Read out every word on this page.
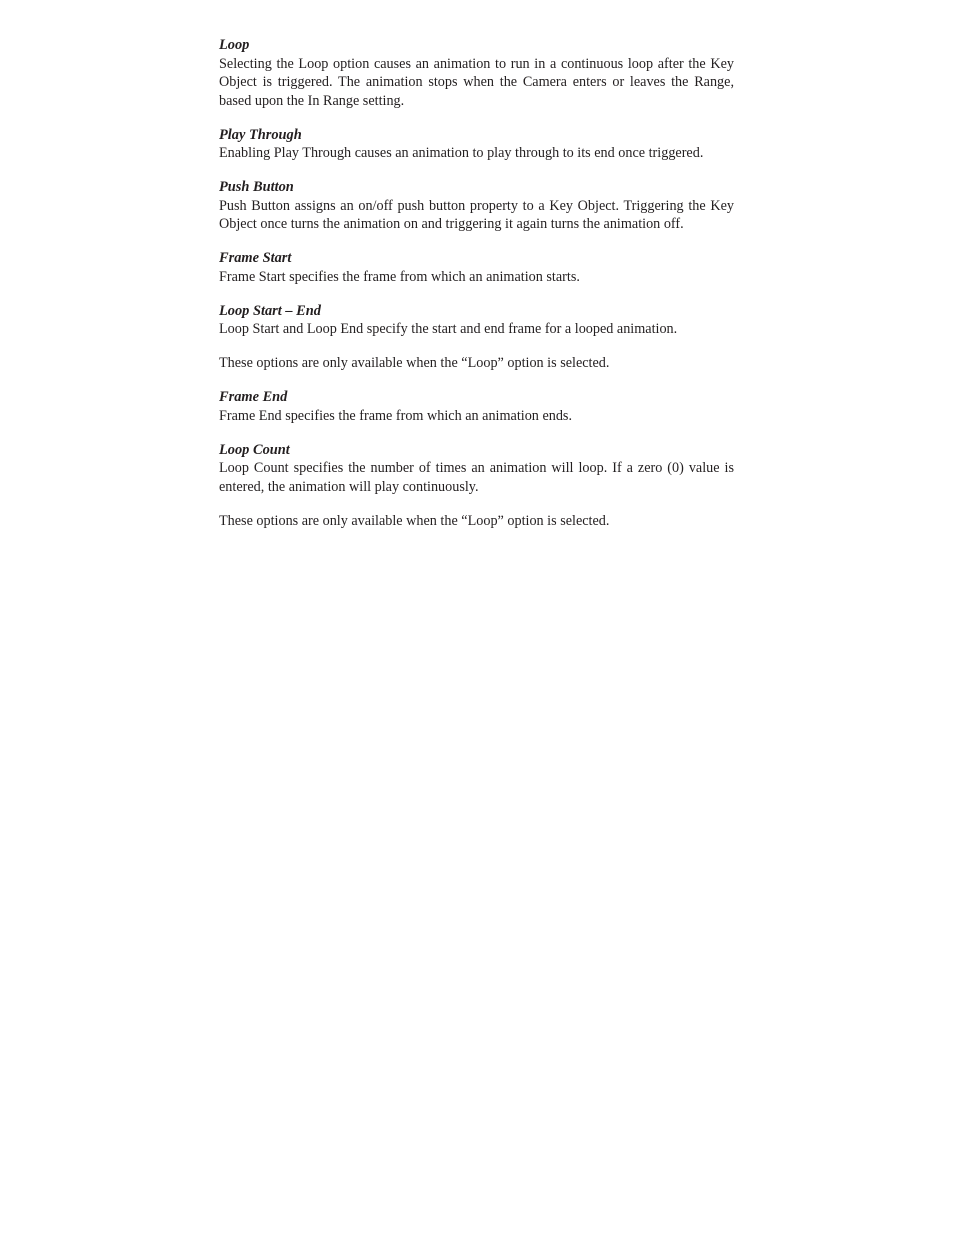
Loop

Selecting the Loop option causes an animation to run in a continuous loop after the Key Object is triggered. The animation stops when the Camera enters or leaves the Range, based upon the In Range setting.

Play Through

Enabling Play Through causes an animation to play through to its end once triggered.

Push Button

Push Button assigns an on/off push button property to a Key Object. Triggering the Key Object once turns the animation on and triggering it again turns the animation off.

Frame Start

Frame Start specifies the frame from which an animation starts.

Loop Start – End

Loop Start and Loop End specify the start and end frame for a looped animation.

These options are only available when the “Loop” option is selected.

Frame End

Frame End specifies the frame from which an animation ends.

Loop Count

Loop Count specifies the number of times an animation will loop. If a zero (0) value is entered, the animation will play continuously.

These options are only available when the “Loop” option is selected.
